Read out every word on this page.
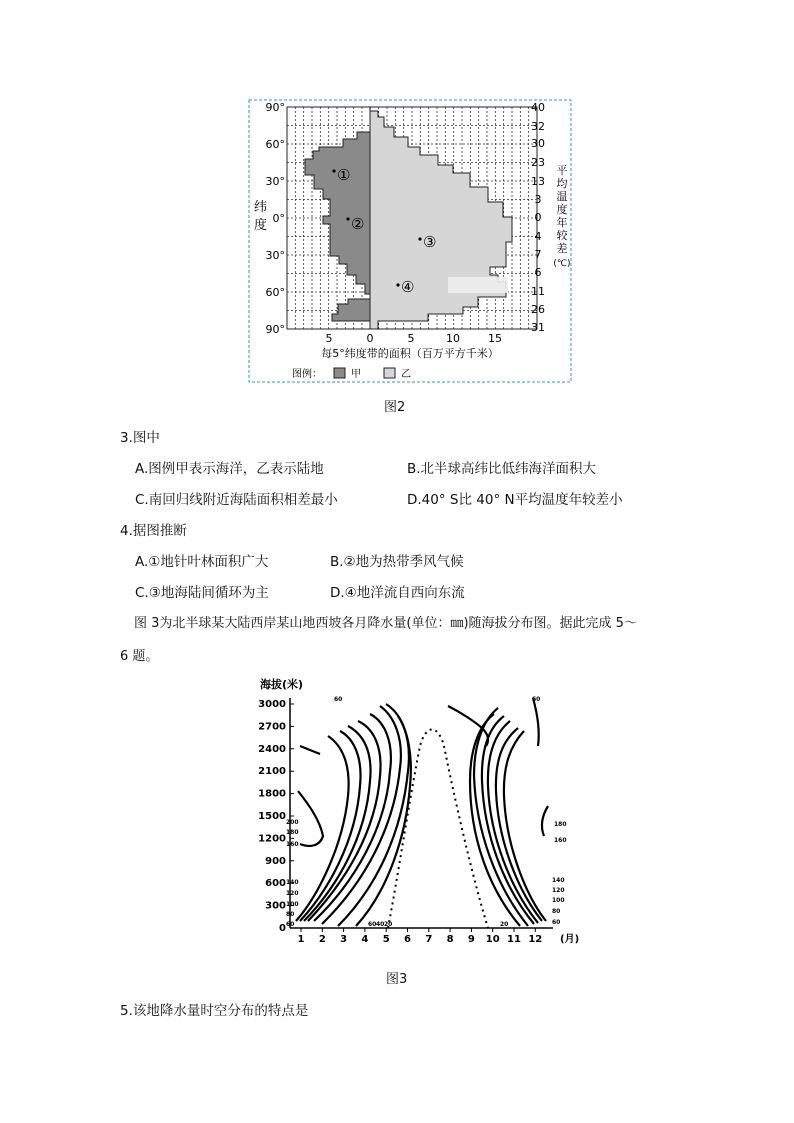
①
②
③
④
90°
60°
30°
0°
30°
60°
90°
纬
度
40
32
30
23
13
3
0
4
7
6
11
26
31
平
均
温
度
年
较
差
(℃)
5	0	5	10	15
每5°纬度带的面积（百万平方千米）
图例：	甲	乙
图2
3.图中
A.图例甲表示海洋，乙表示陆地	B.北半球高纬比低纬海洋面积大
C.南回归线附近海陆面积相差最小	D.40° S比 40° N平均温度年较差小
4.据图推断
A.①地针叶林面积广大	B.②地为热带季风气候
C.③地海陆间循环为主	D.④地洋流自西向东流
图 3为北半球某大陆西岸某山地西坡各月降水量(单位：㎜)随海拔分布图。据此完成 5～
6 题。
海拔(米)
3000
2700
2400
2100
1800
1500
1200
900
600
300
0
1 2 3 4 5 6 7 8 9 10 11 12 (月)
60
200
180
160
140
120
100
80
60	60 40 20	20
60
180
160
140
120
100
80
60
图3
5.该地降水量时空分布的特点是
